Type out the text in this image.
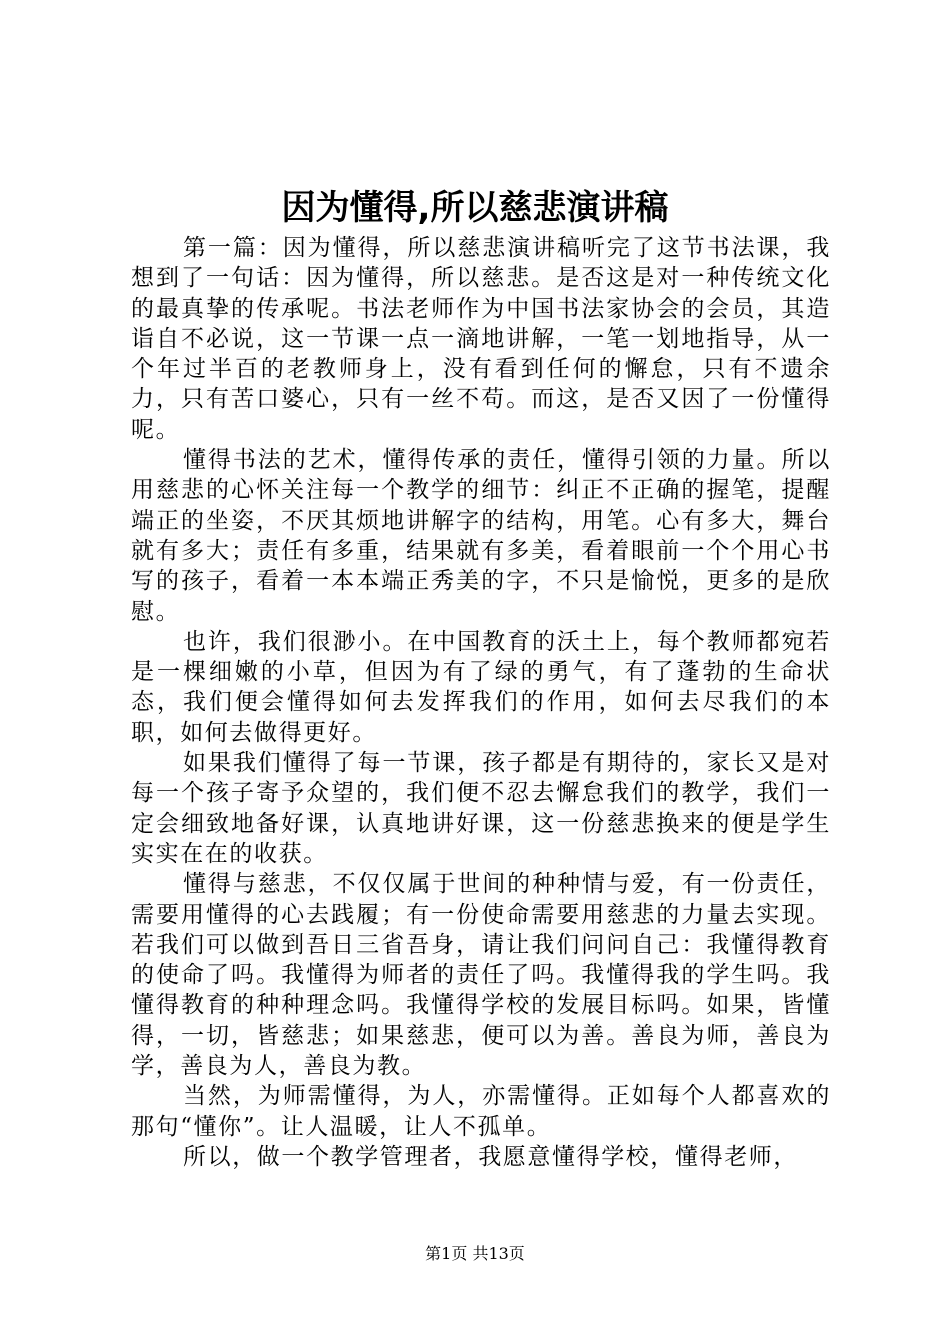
因为懂得,所以慈悲演讲稿

第一篇：因为懂得，所以慈悲演讲稿听完了这节书法课，我想到了一句话：因为懂得，所以慈悲。是否这是对一种传统文化的最真挚的传承呢。书法老师作为中国书法家协会的会员，其造诣自不必说，这一节课一点一滴地讲解，一笔一划地指导，从一个年过半百的老教师身上，没有看到任何的懈怠，只有不遗余力，只有苦口婆心，只有一丝不苟。而这，是否又因了一份懂得呢。

懂得书法的艺术，懂得传承的责任，懂得引领的力量。所以用慈悲的心怀关注每一个教学的细节：纠正不正确的握笔，提醒端正的坐姿，不厌其烦地讲解字的结构，用笔。心有多大，舞台就有多大；责任有多重，结果就有多美，看着眼前一个个用心书写的孩子，看着一本本端正秀美的字，不只是愉悦，更多的是欣慰。

也许，我们很渺小。在中国教育的沃土上，每个教师都宛若是一棵细嫩的小草，但因为有了绿的勇气，有了蓬勃的生命状态，我们便会懂得如何去发挥我们的作用，如何去尽我们的本职，如何去做得更好。

如果我们懂得了每一节课，孩子都是有期待的，家长又是对每一个孩子寄予众望的，我们便不忍去懈怠我们的教学，我们一定会细致地备好课，认真地讲好课，这一份慈悲换来的便是学生实实在在的收获。

懂得与慈悲，不仅仅属于世间的种种情与爱，有一份责任，需要用懂得的心去践履；有一份使命需要用慈悲的力量去实现。若我们可以做到吾日三省吾身，请让我们问问自己：我懂得教育的使命了吗。我懂得为师者的责任了吗。我懂得我的学生吗。我懂得教育的种种理念吗。我懂得学校的发展目标吗。如果，皆懂得，一切，皆慈悲；如果慈悲，便可以为善。善良为师，善良为学，善良为人，善良为教。

当然，为师需懂得，为人，亦需懂得。正如每个人都喜欢的那句“懂你”。让人温暖，让人不孤单。

所以，做一个教学管理者，我愿意懂得学校，懂得老师，

第1页 共13页
